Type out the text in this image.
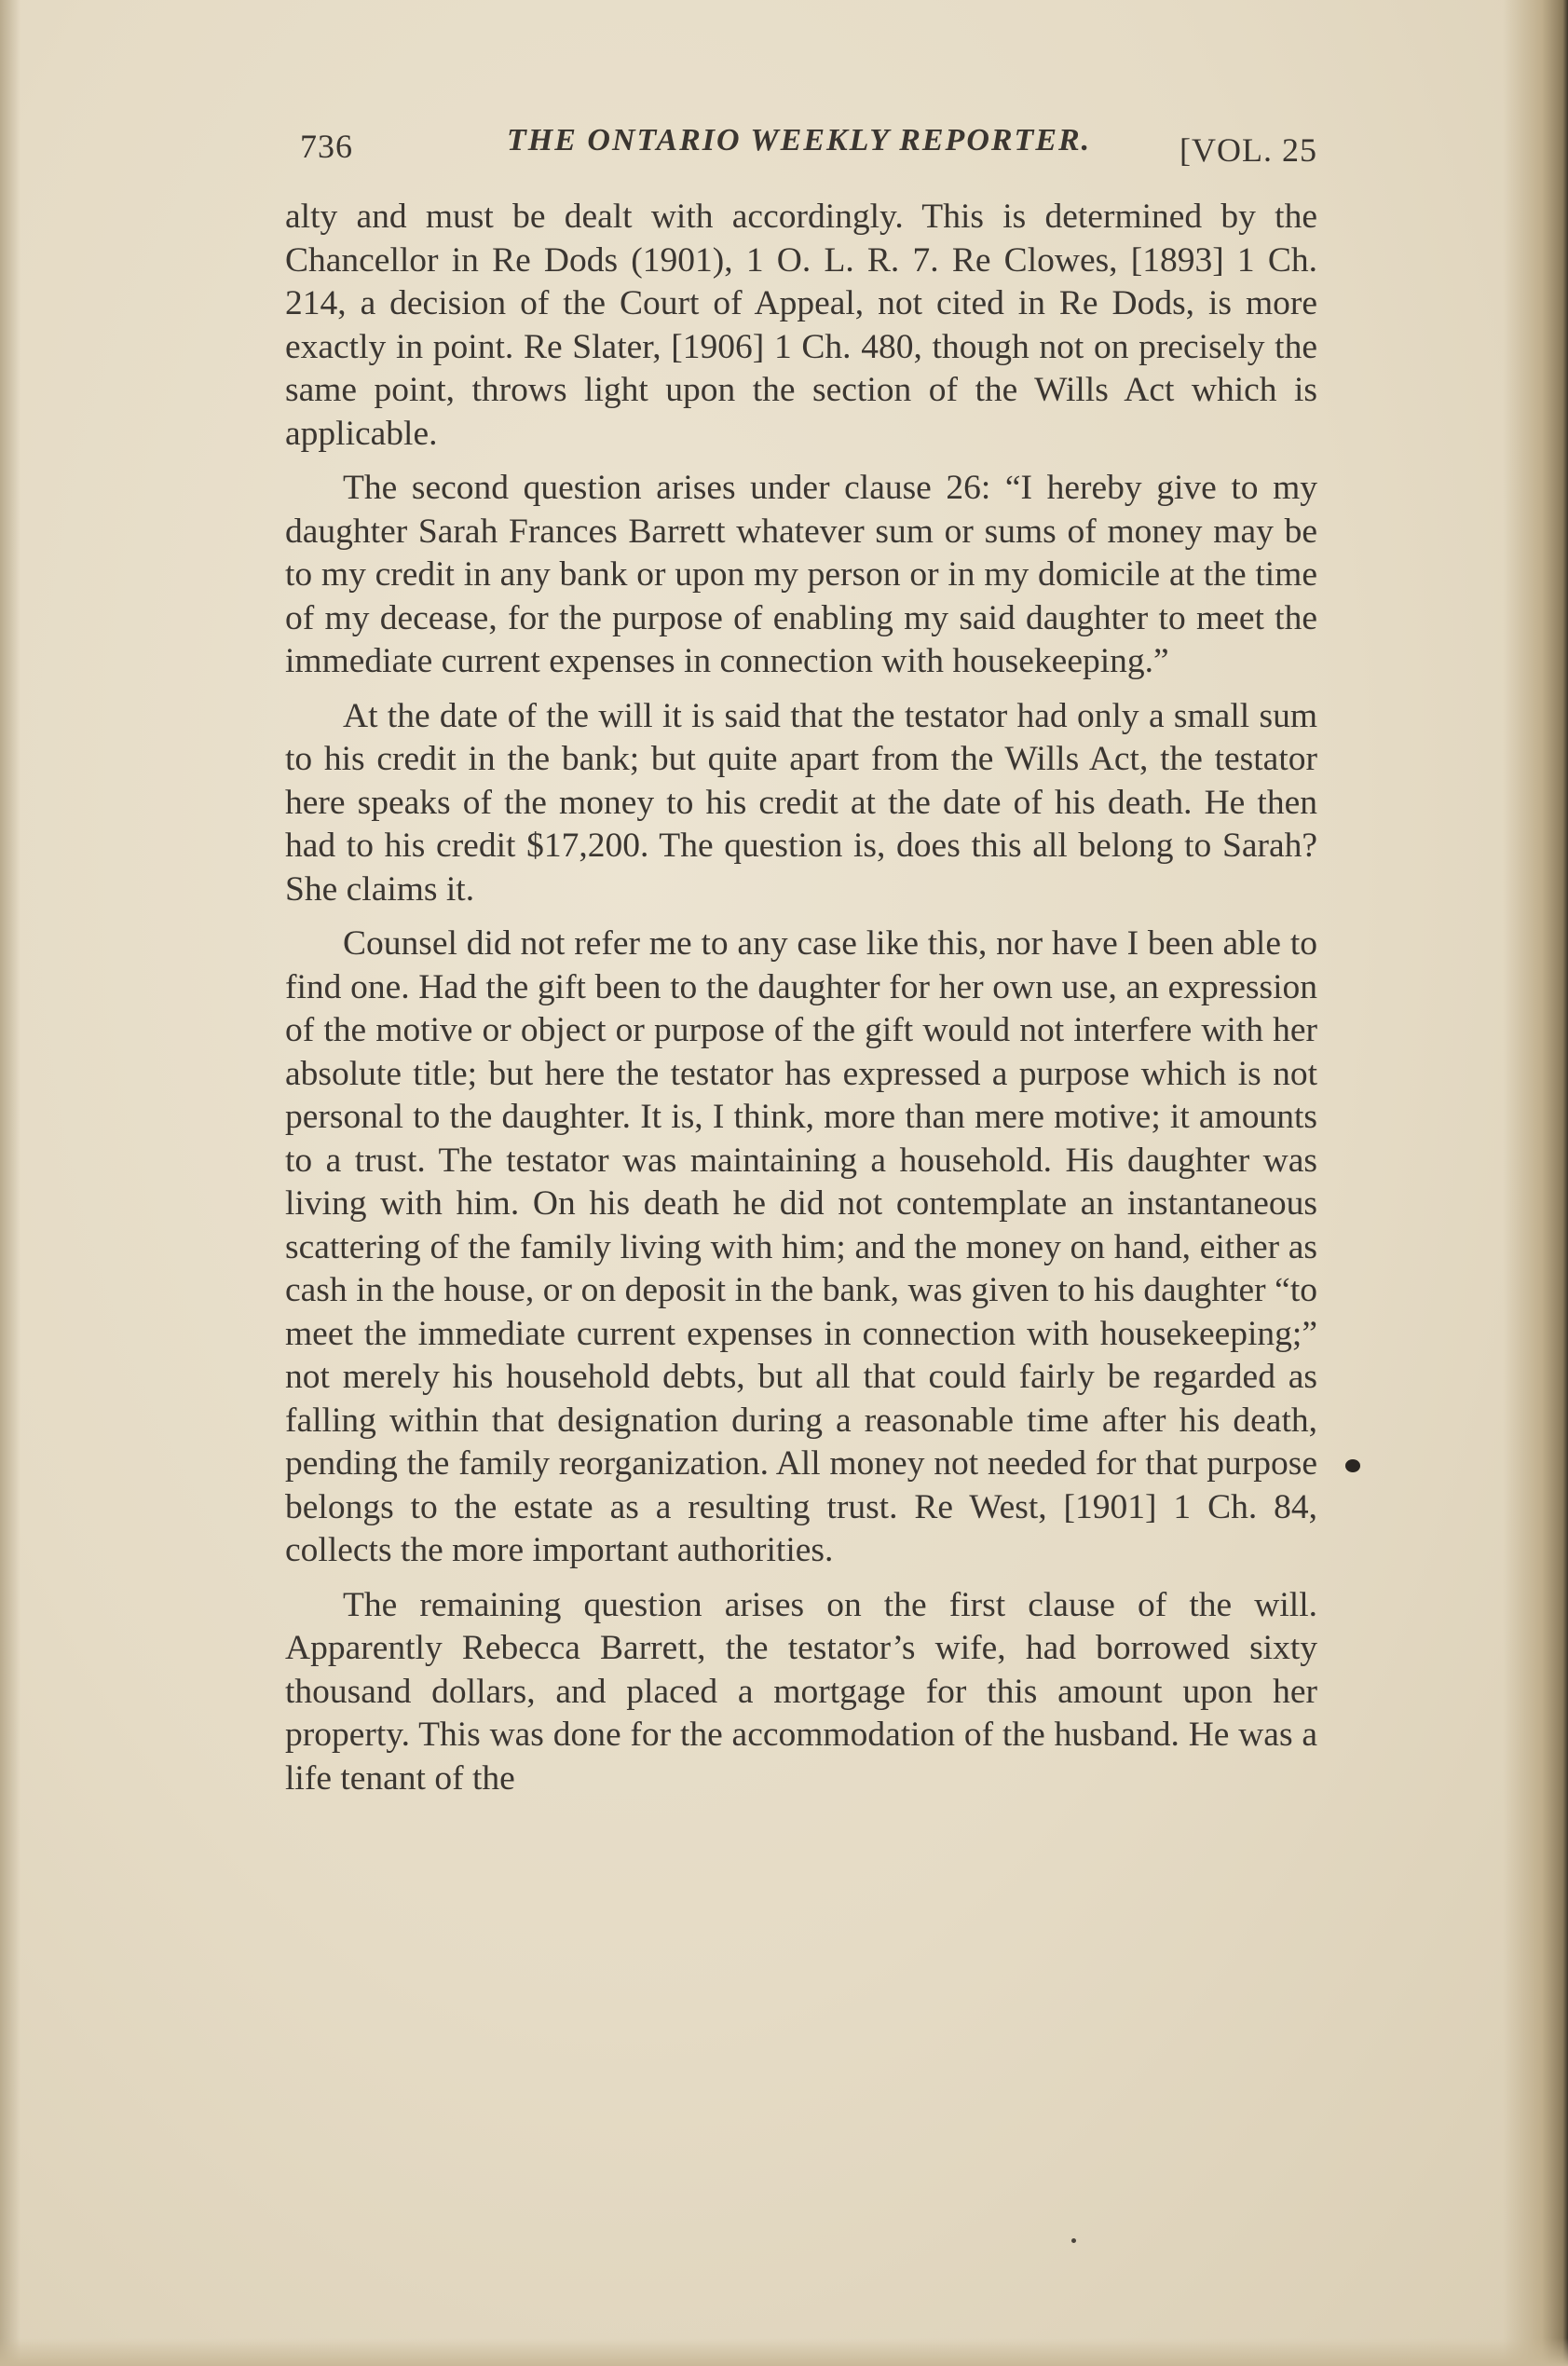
736	THE ONTARIO WEEKLY REPORTER.	[VOL. 25

alty and must be dealt with accordingly. This is determined by the Chancellor in Re Dods (1901), 1 O. L. R. 7. Re Clowes, [1893] 1 Ch. 214, a decision of the Court of Appeal, not cited in Re Dods, is more exactly in point. Re Slater, [1906] 1 Ch. 480, though not on precisely the same point, throws light upon the section of the Wills Act which is applicable.

The second question arises under clause 26: “I hereby give to my daughter Sarah Frances Barrett whatever sum or sums of money may be to my credit in any bank or upon my person or in my domicile at the time of my decease, for the purpose of enabling my said daughter to meet the immediate current expenses in connection with housekeeping.”

At the date of the will it is said that the testator had only a small sum to his credit in the bank; but quite apart from the Wills Act, the testator here speaks of the money to his credit at the date of his death. He then had to his credit $17,200. The question is, does this all belong to Sarah? She claims it.

Counsel did not refer me to any case like this, nor have I been able to find one. Had the gift been to the daughter for her own use, an expression of the motive or object or purpose of the gift would not interfere with her absolute title; but here the testator has expressed a purpose which is not personal to the daughter. It is, I think, more than mere motive; it amounts to a trust. The testator was maintaining a household. His daughter was living with him. On his death he did not contemplate an instantaneous scattering of the family living with him; and the money on hand, either as cash in the house, or on deposit in the bank, was given to his daughter “to meet the immediate current expenses in connection with housekeeping;” not merely his household debts, but all that could fairly be regarded as falling within that designation during a reasonable time after his death, pending the family reorganization. All money not needed for that purpose belongs to the estate as a resulting trust. Re West, [1901] 1 Ch. 84, collects the more important authorities.

The remaining question arises on the first clause of the will. Apparently Rebecca Barrett, the testator’s wife, had borrowed sixty thousand dollars, and placed a mortgage for this amount upon her property. This was done for the accommodation of the husband. He was a life tenant of the
